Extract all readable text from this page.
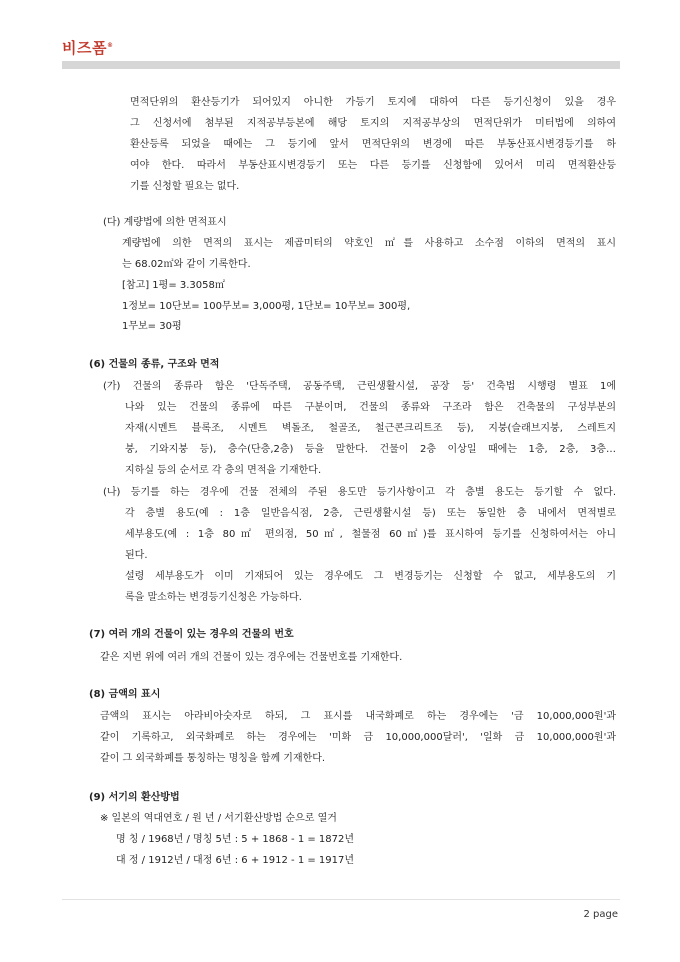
비즈폼®
면적단위의 환산등기가 되어있지 아니한 가등기 토지에 대하여 다른 등기신청이 있을 경우
그 신청서에 첨부된 지적공부등본에 해당 토지의 지적공부상의 면적단위가 미터법에 의하여
환산등록 되었을 때에는 그 등기에 앞서 면적단위의 변경에 따른 부동산표시변경등기를 하
여야 한다. 따라서 부동산표시변경등기 또는 다른 등기를 신청함에 있어서 미리 면적환산등
기를 신청할 필요는 없다.
(다) 계량법에 의한 면적표시
계량법에 의한 면적의 표시는 제곱미터의 약호인 ㎡를 사용하고 소수점 이하의 면적의 표시
는 68.02㎡와 같이 기록한다.
[참고] 1평= 3.3058㎡
1정보= 10단보= 100무보= 3,000평, 1단보= 10무보= 300평,
1무보= 30평
(6) 건물의 종류, 구조와 면적
(가) 건물의 종류라 함은 '단독주택, 공동주택, 근린생활시설, 공장 등' 건축법 시행령 별표 1에
나와 있는 건물의 종류에 따른 구분이며, 건물의 종류와 구조라 함은 건축물의 구성부분의
자재(시멘트 블록조, 시멘트 벽돌조, 철골조, 철근콘크리트조 등), 지붕(슬래브지붕, 스레트지
붕, 기와지붕 등), 층수(단층,2층) 등을 말한다. 건물이 2층 이상일 때에는 1층, 2층, 3층…
지하실 등의 순서로 각 층의 면적을 기재한다.
(나) 등기를 하는 경우에 건물 전체의 주된 용도만 등기사항이고 각 층별 용도는 등기할 수 없다.
각 층별 용도(예 : 1층 일반음식점, 2층, 근린생활시설 등) 또는 동일한 층 내에서 면적별로
세부용도(예 : 1층 80㎡ 편의점, 50㎡, 철물점 60㎡)를 표시하여 등기를 신청하여서는 아니
된다.
설령 세부용도가 이미 기재되어 있는 경우에도 그 변경등기는 신청할 수 없고, 세부용도의 기
록을 말소하는 변경등기신청은 가능하다.
(7) 여러 개의 건물이 있는 경우의 건물의 번호
같은 지번 위에 여러 개의 건물이 있는 경우에는 건물번호를 기재한다.
(8) 금액의 표시
금액의 표시는 아라비아숫자로 하되, 그 표시를 내국화폐로 하는 경우에는 '금 10,000,000원'과
같이 기록하고, 외국화폐로 하는 경우에는 '미화 금 10,000,000달러', '일화 금 10,000,000원'과
같이 그 외국화폐를 통칭하는 명칭을 함께 기재한다.
(9) 서기의 환산방법
※ 일본의 역대연호 / 원 년 / 서기환산방법 순으로 열거
명 칭 / 1968년 / 명칭 5년 : 5 + 1868 - 1 = 1872년
대 정 / 1912년 / 대정 6년 : 6 + 1912 - 1 = 1917년
2 page
